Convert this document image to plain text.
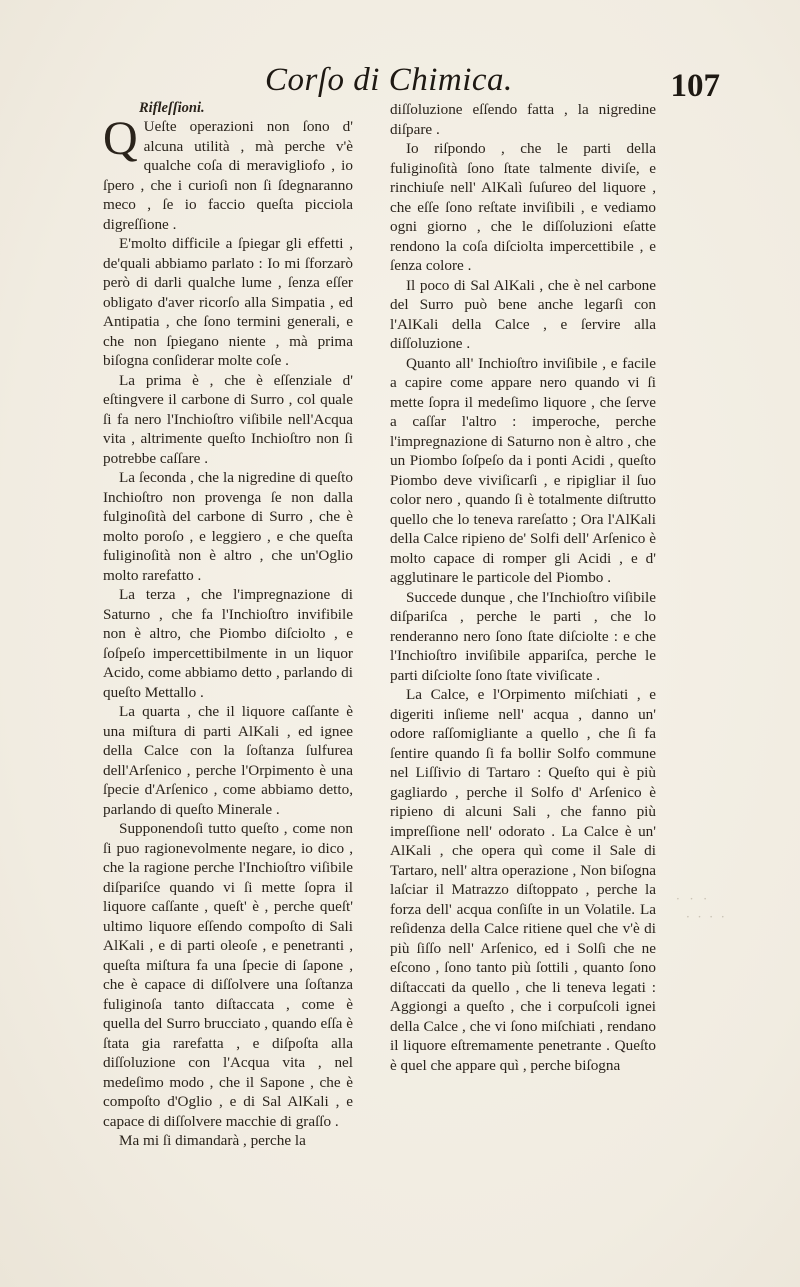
Corſo di Chimica.	107

Rifleſſioni.

Q Ueſte operazioni non ſono d' alcuna utilità , mà perche v'è qualche coſa di meravigliofo , io ſpero , che i curioſi non ſi ſdegnaranno meco , ſe io faccio queſta picciola digreſſione .

E'molto difficile a ſpiegar gli effetti , de'quali abbiamo parlato : Io mi ſforzarò però di darli qualche lume , ſenza eſſer obligato d'aver ricorſo alla Simpatia , ed Antipatia , che ſono termini generali, e che non ſpiegano niente , mà prima biſogna conſiderar molte coſe .

La prima è , che è eſſenziale d' eſtingvere il carbone di Surro , col quale ſi fa nero l'Inchioſtro viſibile nell'Acqua vita , altrimente queſto Inchioſtro non ſi potrebbe caſſare .

La ſeconda , che la nigredine di queſto Inchioſtro non provenga ſe non dalla fulginoſità del carbone di Surro , che è molto poroſo , e leggiero , e che queſta fuliginoſità non è altro , che un'Oglio molto rarefatto .

La terza , che l'impregnazione di Saturno , che fa l'Inchioſtro invifibile non è altro, che Piombo diſciolto , e ſoſpeſo impercettibilmente in un liquor Acido, come abbiamo detto , parlando di queſto Mettallo .

La quarta , che il liquore caſſante è una miſtura di parti AlKali , ed ignee della Calce con la ſoſtanza ſulfurea dell'Arſenico , perche l'Orpimento è una ſpecie d'Arſenico , come abbiamo detto, parlando di queſto Minerale .

Supponendoſi tutto queſto , come non ſi puo ragionevolmente negare, io dico , che la ragione perche l'Inchioſtro viſibile diſpariſce quando vi ſi mette ſopra il liquore caſſante , queſt' è , perche queſt' ultimo liquore eſſendo compoſto di Sali AlKali , e di parti oleoſe , e penetranti , queſta miſtura fa una ſpecie di ſapone , che è capace di diſſolvere una ſoſtanza fuliginoſa tanto diſtaccata , come è quella del Surro brucciato , quando eſſa è ſtata gia rarefatta , e diſpoſta alla diſſoluzione con l'Acqua vita , nel medeſimo modo , che il Sapone , che è compoſto d'Oglio , e di Sal AlKali , e capace di diſſolvere macchie di graſſo .

Ma mi ſi dimandarà , perche la

diſſoluzione eſſendo fatta , la nigredine diſpare .

Io riſpondo , che le parti della fuliginoſità ſono ſtate talmente diviſe, e rinchiuſe nell' AlKalì ſuſureo del liquore , che eſſe ſono reſtate inviſibili , e vediamo ogni giorno , che le diſſoluzioni eſatte rendono la coſa diſciolta impercettibile , e ſenza colore .

Il poco di Sal AlKali , che è nel carbone del Surro può bene anche legarſi con l'AlKali della Calce , e ſervire alla diſſoluzione .

Quanto all' Inchioſtro inviſibile , e facile a capire come appare nero quando vi ſi mette ſopra il medeſimo liquore , che ſerve a caſſar l'altro : imperoche, perche l'impregnazione di Saturno non è altro , che un Piombo ſoſpeſo da i ponti Acidi , queſto Piombo deve viviſicarſi , e ripigliar il ſuo color nero , quando ſi è totalmente diſtrutto quello che lo teneva rareſatto ; Ora l'AlKali della Calce ripieno de' Solfi dell' Arſenico è molto capace di romper gli Acidi , e d' agglutinare le particole del Piombo .

Succede dunque , che l'Inchioſtro viſibile diſpariſca , perche le parti , che lo renderanno nero ſono ſtate diſciolte : e che l'Inchioſtro inviſibile appariſca, perche le parti diſciolte ſono ſtate viviſicate .

La Calce, e l'Orpimento miſchiati , e digeriti inſieme nell' acqua , danno un' odore raſſomigliante a quello , che ſi fa ſentire quando ſi fa bollir Solfo commune nel Liſſivio di Tartaro : Queſto qui è più gagliardo , perche il Solfo d' Arſenico è ripieno di alcuni Sali , che fanno più impreſſione nell' odorato . La Calce è un' AlKali , che opera quì come il Sale di Tartaro, nell' altra operazione , Non biſogna laſciar il Matrazzo diſtoppato , perche la forza dell' acqua conſiſte in un Volatile. La reſidenza della Calce ritiene quel che v'è di più ſiſſo nell' Arſenico, ed i Solſi che ne eſcono , ſono tanto più ſottili , quanto ſono diſtaccati da quello , che li teneva legati : Aggiongi a queſto , che i corpuſcoli ignei della Calce , che vi ſono miſchiati , rendano il liquore eſtremamente penetrante . Queſto è quel che appare quì , perche biſogna

· · ·
· · · ·
